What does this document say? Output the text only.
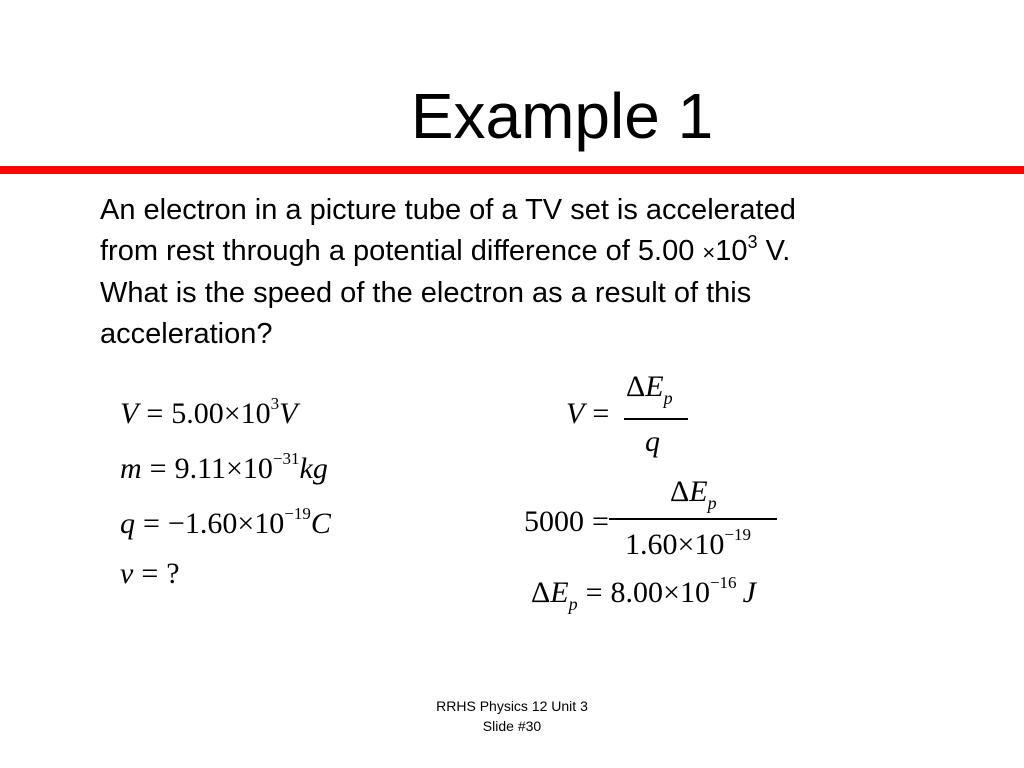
Example 1
An electron in a picture tube of a TV set is accelerated
from rest through a potential difference of $5.00 \times 10^3$ V.
What is the speed of the electron as a result of this
acceleration?
$V = 5.00\times 10^3V$
$m = 9.11\times 10^{-31}kg$
$q = -1.60\times 10^{-19}C$
v = ?
V =
$\Delta E_p$
q
5000 =
$\Delta E_p$
$1.60\times 10^{-19}$
$\Delta E_p = 8.00\times 10^{-16}$ J
RRHS Physics 12 Unit 3
Slide #30
